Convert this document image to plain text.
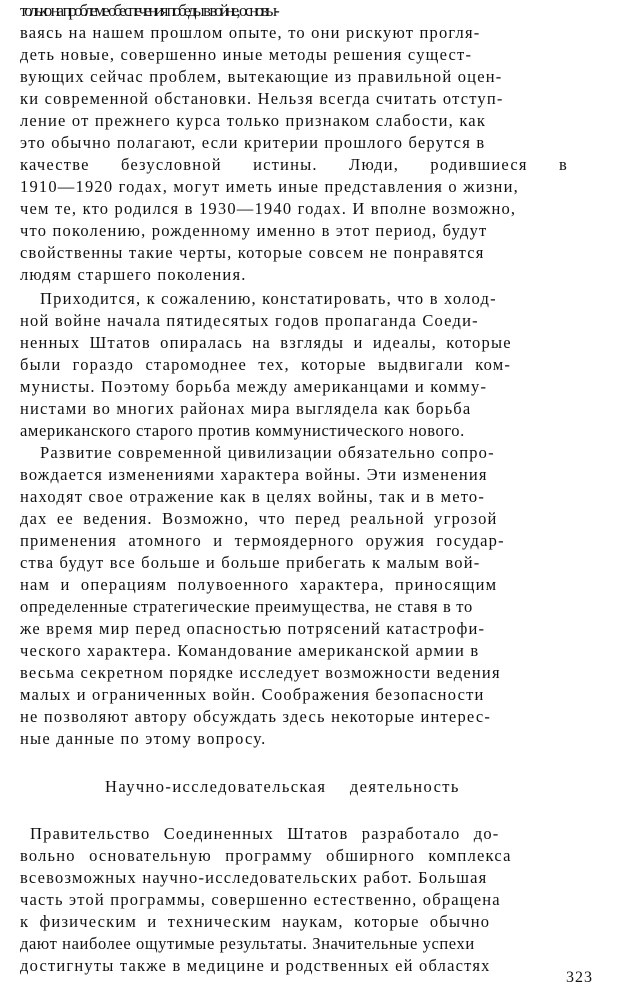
только на проблеме обеспечения победы в войне, основы-
ваясь на нашем прошлом опыте, то они рискуют прогля-
деть новые, совершенно иные методы решения сущест-
вующих сейчас проблем, вытекающие из правильной оцен-
ки современной обстановки. Нельзя всегда считать отступ-
ление от прежнего курса только признаком слабости, как
это обычно полагают, если критерии прошлого берутся в
качестве безусловной истины. Люди, родившиеся в
1910—1920 годах, могут иметь иные представления о жизни,
чем те, кто родился в 1930—1940 годах. И вполне возможно,
что поколению, рожденному именно в этот период, будут
свойственны такие черты, которые совсем не понравятся
людям старшего поколения.
Приходится, к сожалению, констатировать, что в холод-
ной войне начала пятидесятых годов пропаганда Соеди-
ненных Штатов опиралась на взгляды и идеалы, которые
были гораздо старомоднее тех, которые выдвигали ком-
мунисты. Поэтому борьба между американцами и комму-
нистами во многих районах мира выглядела как борьба
американского старого против коммунистического нового.
Развитие современной цивилизации обязательно сопро-
вождается изменениями характера войны. Эти изменения
находят свое отражение как в целях войны, так и в мето-
дах ее ведения. Возможно, что перед реальной угрозой
применения атомного и термоядерного оружия государ-
ства будут все больше и больше прибегать к малым вой-
нам и операциям полувоенного характера, приносящим
определенные стратегические преимущества, не ставя в то
же время мир перед опасностью потрясений катастрофи-
ческого характера. Командование американской армии в
весьма секретном порядке исследует возможности ведения
малых и ограниченных войн. Соображения безопасности
не позволяют автору обсуждать здесь некоторые интерес-
ные данные по этому вопросу.
Научно-исследовательская деятельность
Правительство Соединенных Штатов разработало до-
вольно основательную программу обширного комплекса
всевозможных научно-исследовательских работ. Большая
часть этой программы, совершенно естественно, обращена
к физическим и техническим наукам, которые обычно
дают наиболее ощутимые результаты. Значительные успехи
достигнуты также в медицине и родственных ей областях
323
